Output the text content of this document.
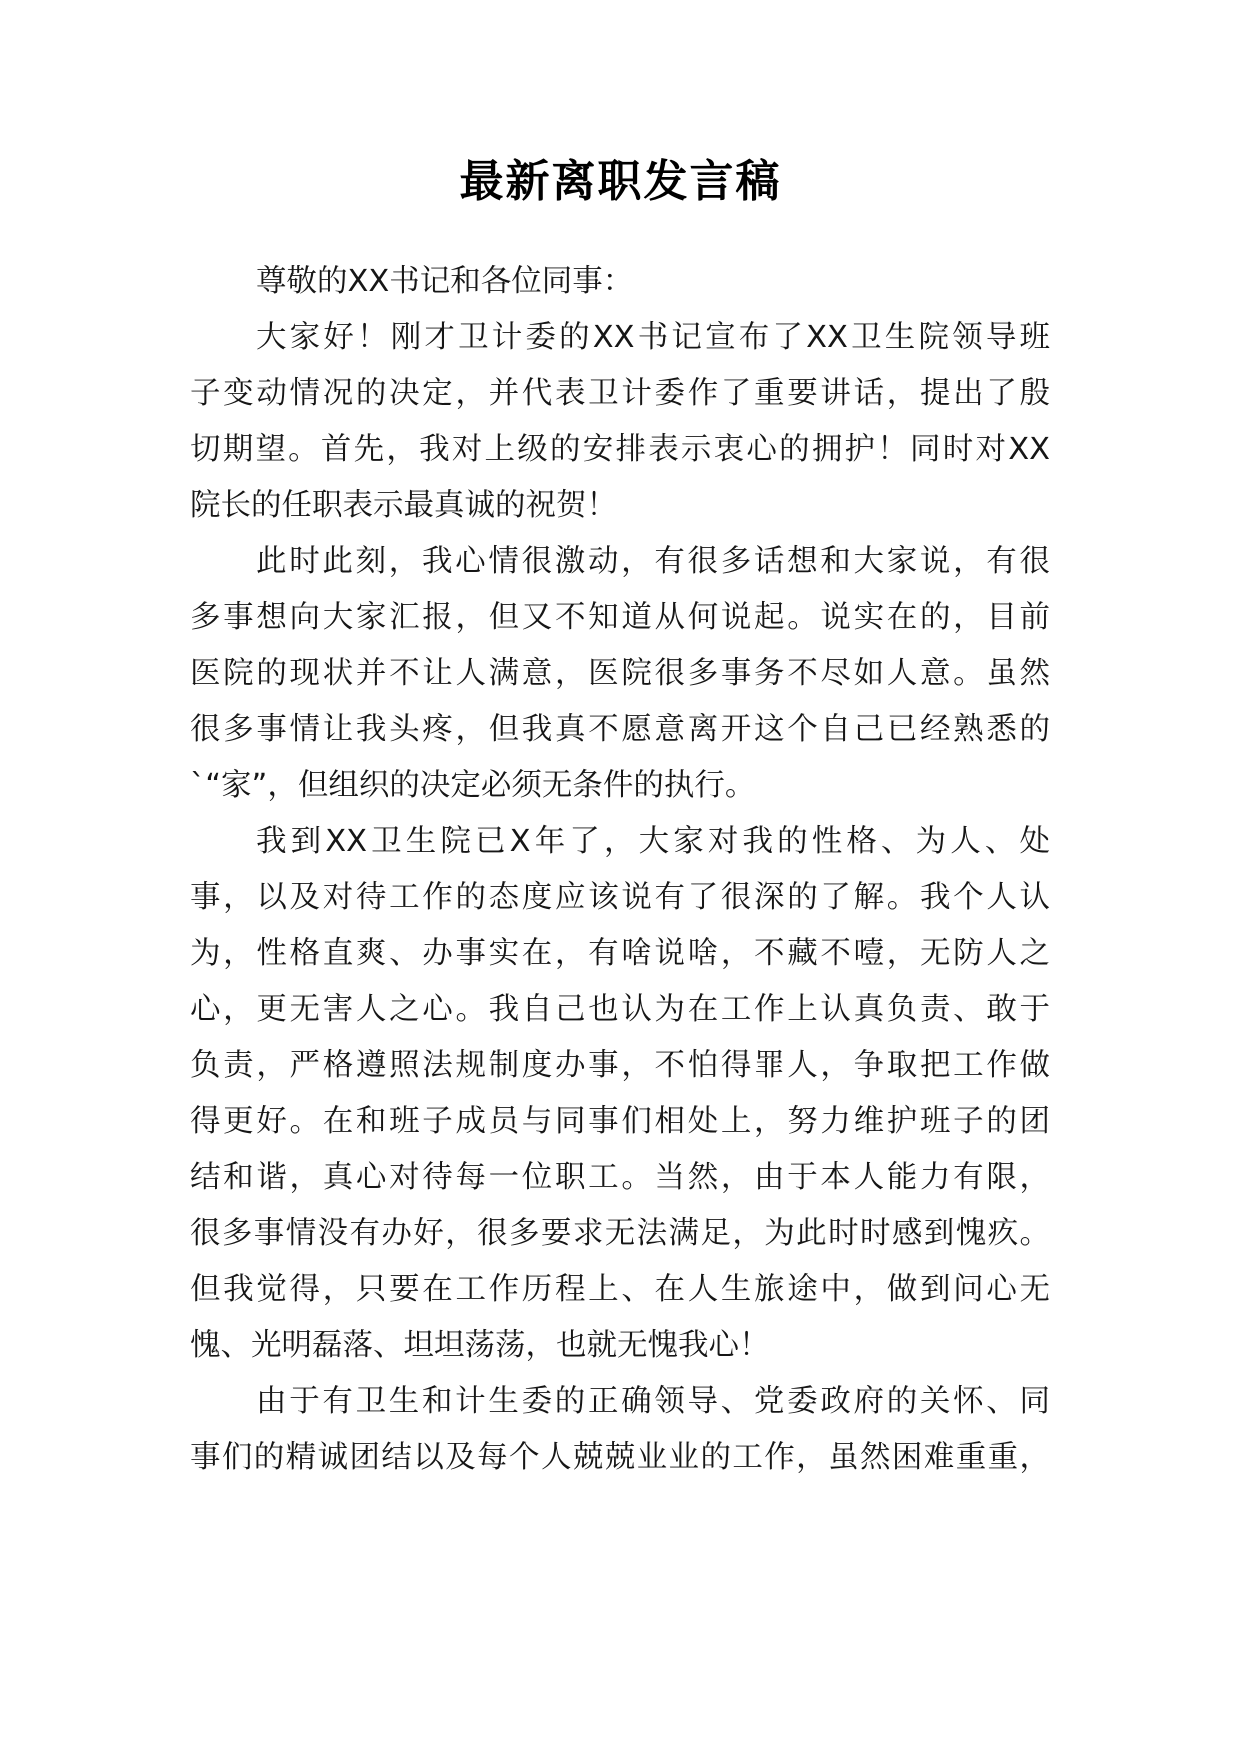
最新离职发言稿
尊敬的XX书记和各位同事：
大家好！刚才卫计委的XX书记宣布了XX卫生院领导班
子变动情况的决定，并代表卫计委作了重要讲话，提出了殷
切期望。首先，我对上级的安排表示衷心的拥护！同时对XX
院长的任职表示最真诚的祝贺！
此时此刻，我心情很激动，有很多话想和大家说，有很
多事想向大家汇报，但又不知道从何说起。说实在的，目前
医院的现状并不让人满意，医院很多事务不尽如人意。虽然
很多事情让我头疼，但我真不愿意离开这个自己已经熟悉的
`“家”，但组织的决定必须无条件的执行。
我到XX卫生院已X年了，大家对我的性格、为人、处
事，以及对待工作的态度应该说有了很深的了解。我个人认
为，性格直爽、办事实在，有啥说啥，不藏不噎，无防人之
心，更无害人之心。我自己也认为在工作上认真负责、敢于
负责，严格遵照法规制度办事，不怕得罪人，争取把工作做
得更好。在和班子成员与同事们相处上，努力维护班子的团
结和谐，真心对待每一位职工。当然，由于本人能力有限，
很多事情没有办好，很多要求无法满足，为此时时感到愧疚。
但我觉得，只要在工作历程上、在人生旅途中，做到问心无
愧、光明磊落、坦坦荡荡，也就无愧我心！
由于有卫生和计生委的正确领导、党委政府的关怀、同
事们的精诚团结以及每个人兢兢业业的工作，虽然困难重重，
